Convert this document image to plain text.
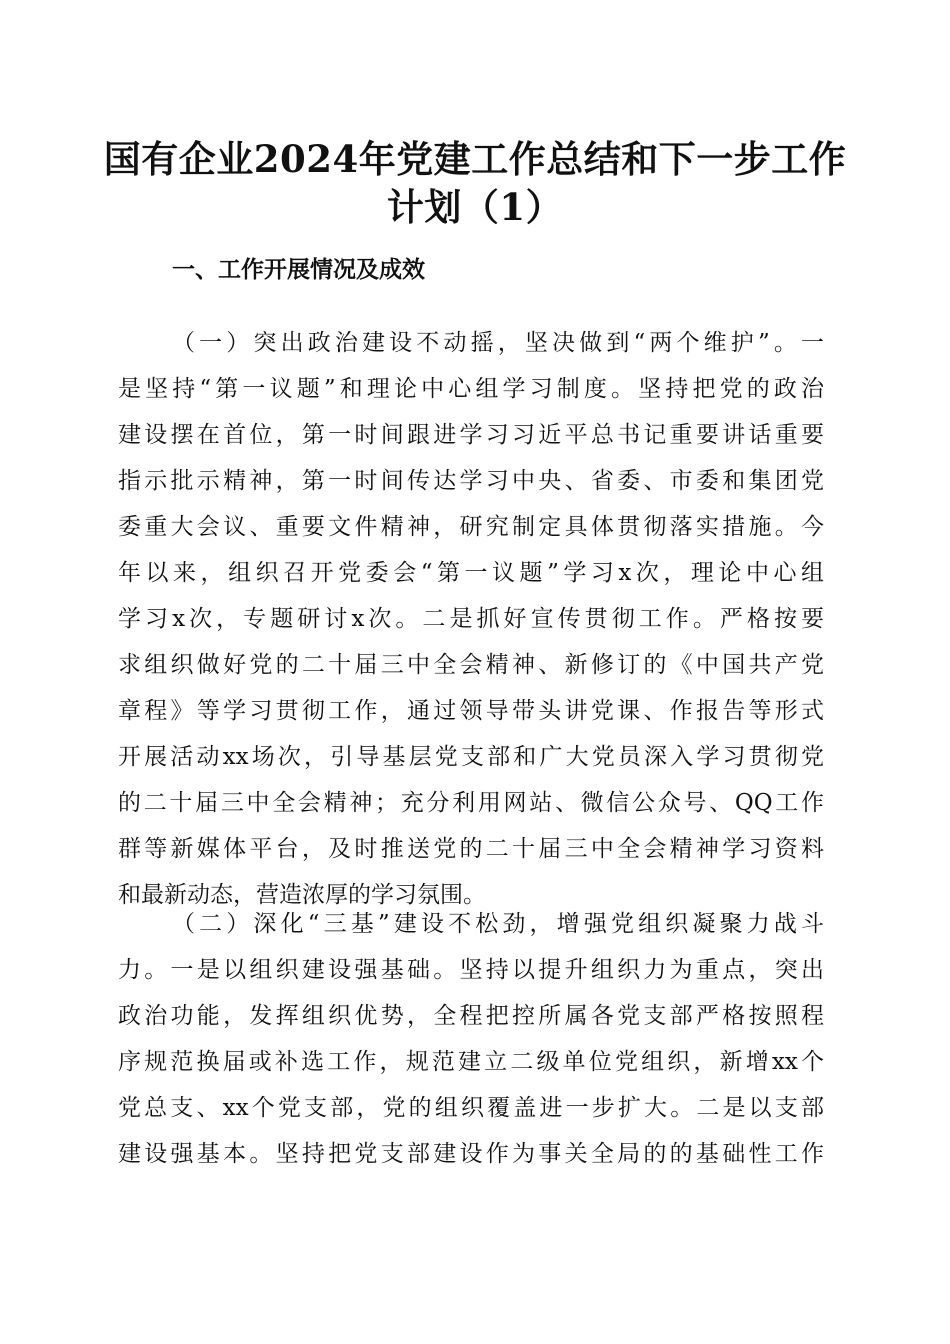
国有企业2024年党建工作总结和下一步工作
计划（1）
一、工作开展情况及成效
（一）突出政治建设不动摇，坚决做到“两个维护”。一
是坚持“第一议题”和理论中心组学习制度。坚持把党的政治
建设摆在首位，第一时间跟进学习习近平总书记重要讲话重要
指示批示精神，第一时间传达学习中央、省委、市委和集团党
委重大会议、重要文件精神，研究制定具体贯彻落实措施。今
年以来，组织召开党委会“第一议题”学习x次，理论中心组
学习x次，专题研讨x次。二是抓好宣传贯彻工作。严格按要
求组织做好党的二十届三中全会精神、新修订的《中国共产党
章程》等学习贯彻工作，通过领导带头讲党课、作报告等形式
开展活动xx场次，引导基层党支部和广大党员深入学习贯彻党
的二十届三中全会精神；充分利用网站、微信公众号、QQ工作
群等新媒体平台，及时推送党的二十届三中全会精神学习资料
和最新动态，营造浓厚的学习氛围。
（二）深化“三基”建设不松劲，增强党组织凝聚力战斗
力。一是以组织建设强基础。坚持以提升组织力为重点，突出
政治功能，发挥组织优势，全程把控所属各党支部严格按照程
序规范换届或补选工作，规范建立二级单位党组织，新增xx个
党总支、xx个党支部，党的组织覆盖进一步扩大。二是以支部
建设强基本。坚持把党支部建设作为事关全局的的基础性工作
